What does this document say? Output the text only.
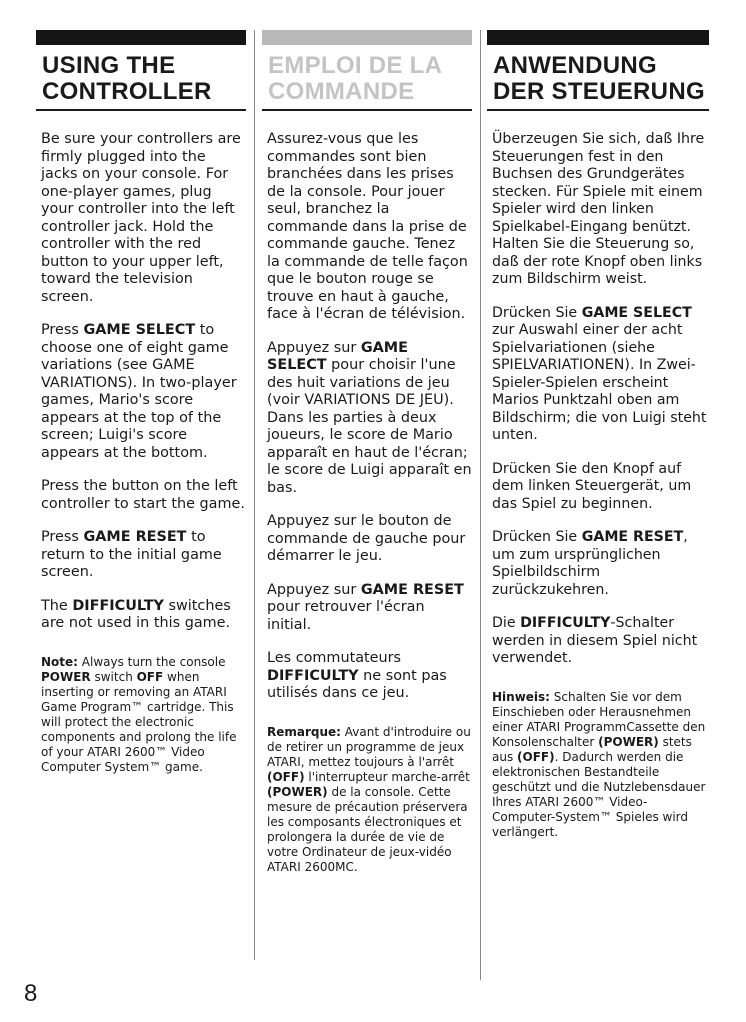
USING THE
CONTROLLER

Be sure your controllers are firmly plugged into the jacks on your console. For one-player games, plug your controller into the left controller jack. Hold the controller with the red button to your upper left, toward the television screen.

Press GAME SELECT to choose one of eight game variations (see GAME VARIATIONS). In two-player games, Mario's score appears at the top of the screen; Luigi's score appears at the bottom.

Press the button on the left controller to start the game.

Press GAME RESET to return to the initial game screen.

The DIFFICULTY switches are not used in this game.

Note: Always turn the console POWER switch OFF when inserting or removing an ATARI Game Program™ cartridge. This will protect the electronic components and prolong the life of your ATARI 2600™ Video Computer System™ game.
EMPLOI DE LA
COMMANDE

Assurez-vous que les commandes sont bien branchées dans les prises de la console. Pour jouer seul, branchez la commande dans la prise de commande gauche. Tenez la commande de telle façon que le bouton rouge se trouve en haut à gauche, face à l'écran de télévision.

Appuyez sur GAME SELECT pour choisir l'une des huit variations de jeu (voir VARIATIONS DE JEU). Dans les parties à deux joueurs, le score de Mario apparaît en haut de l'écran; le score de Luigi apparaît en bas.

Appuyez sur le bouton de commande de gauche pour démarrer le jeu.

Appuyez sur GAME RESET pour retrouver l'écran initial.

Les commutateurs DIFFICULTY ne sont pas utilisés dans ce jeu.

Remarque: Avant d'introduire ou de retirer un programme de jeux ATARI, mettez toujours à l'arrêt (OFF) l'interrupteur marche-arrêt (POWER) de la console. Cette mesure de précaution préservera les composants électroniques et prolongera la durée de vie de votre Ordinateur de jeux-vidéo ATARI 2600MC.
ANWENDUNG
DER STEUERUNG

Überzeugen Sie sich, daß Ihre Steuerungen fest in den Buchsen des Grundgerätes stecken. Für Spiele mit einem Spieler wird den linken Spielkabel-Eingang benützt. Halten Sie die Steuerung so, daß der rote Knopf oben links zum Bildschirm weist.

Drücken Sie GAME SELECT zur Auswahl einer der acht Spielvariationen (siehe SPIELVARIATIONEN). In Zwei-Spieler-Spielen erscheint Marios Punktzahl oben am Bildschirm; die von Luigi steht unten.

Drücken Sie den Knopf auf dem linken Steuergerät, um das Spiel zu beginnen.

Drücken Sie GAME RESET, um zum ursprünglichen Spielbildschirm zurückzukehren.

Die DIFFICULTY-Schalter werden in diesem Spiel nicht verwendet.

Hinweis: Schalten Sie vor dem Einschieben oder Herausnehmen einer ATARI ProgrammCassette den Konsolenschalter (POWER) stets aus (OFF). Dadurch werden die elektronischen Bestandteile geschützt und die Nutzlebensdauer Ihres ATARI 2600™ Video-Computer-System™ Spieles wird verlängert.
8
